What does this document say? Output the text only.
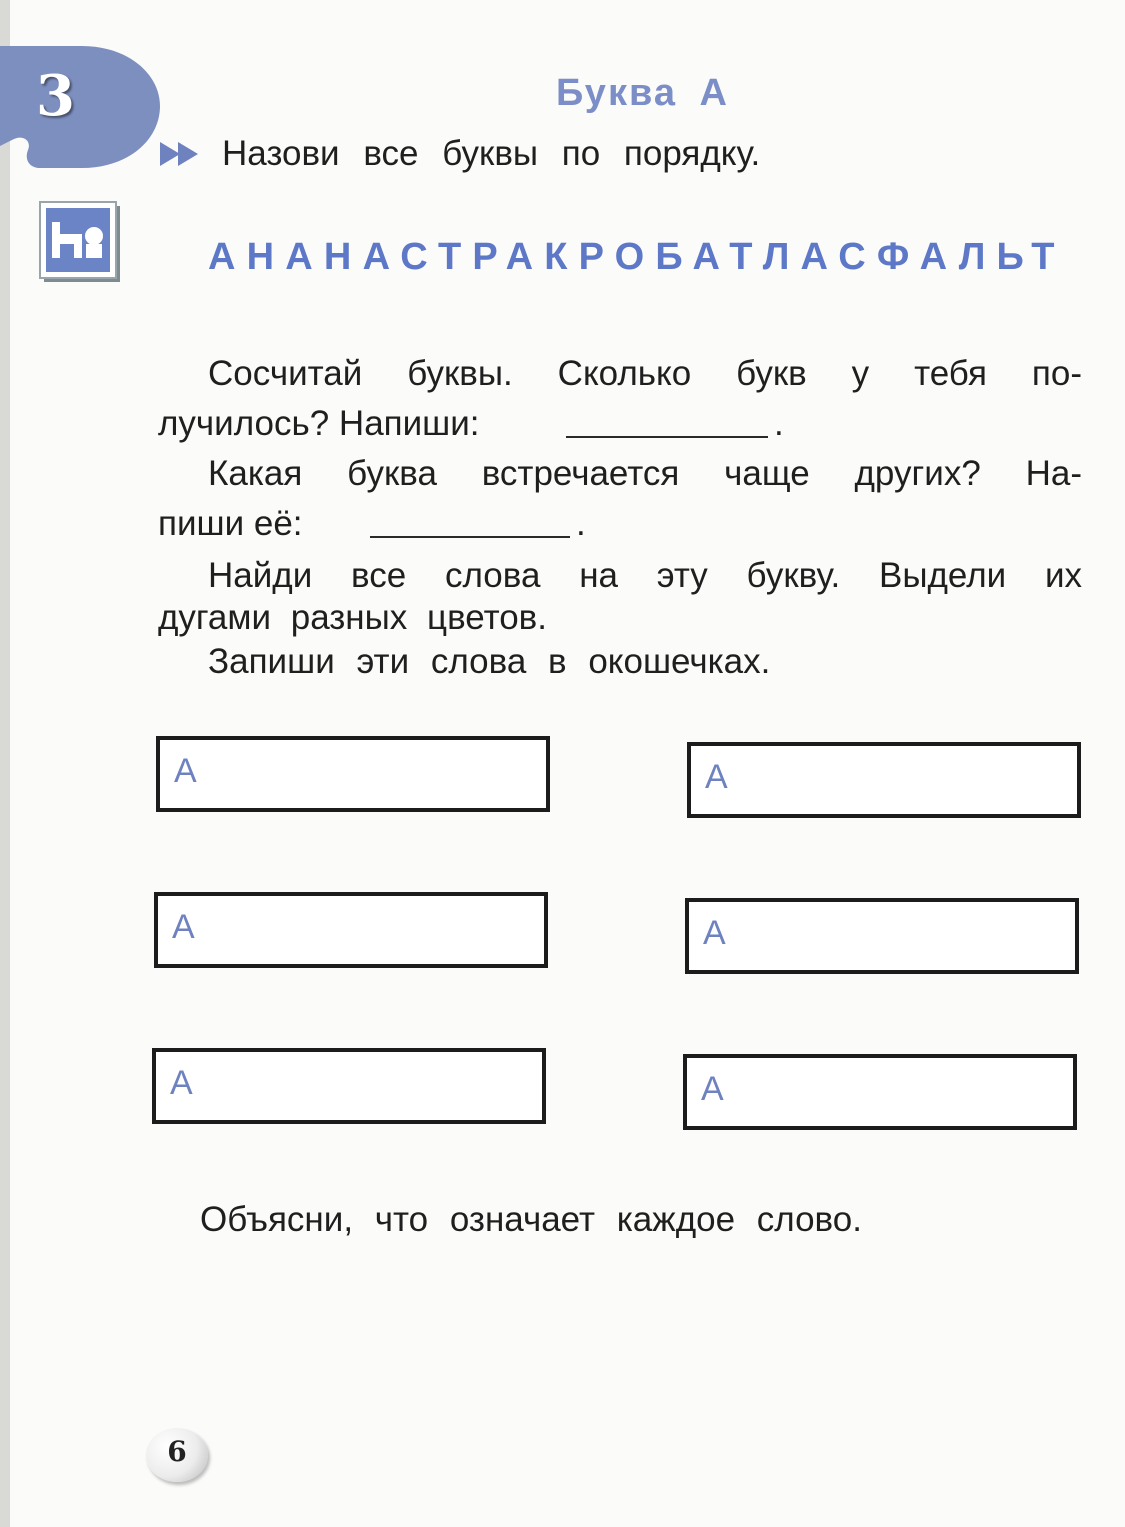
3	Буква А
Назови все буквы по порядку.
АНАНАСТРАКРОБАТЛАСФАЛЬТ
Сосчитай буквы. Сколько букв у тебя по-
лучилось? Напиши:	.
Какая буква встречается чаще других? На-
пиши её:	.
Найди все слова на эту букву. Выдели их
дугами разных цветов.
Запиши эти слова в окошечках.
А	А
А	А
А	А
Объясни, что означает каждое слово.
6
